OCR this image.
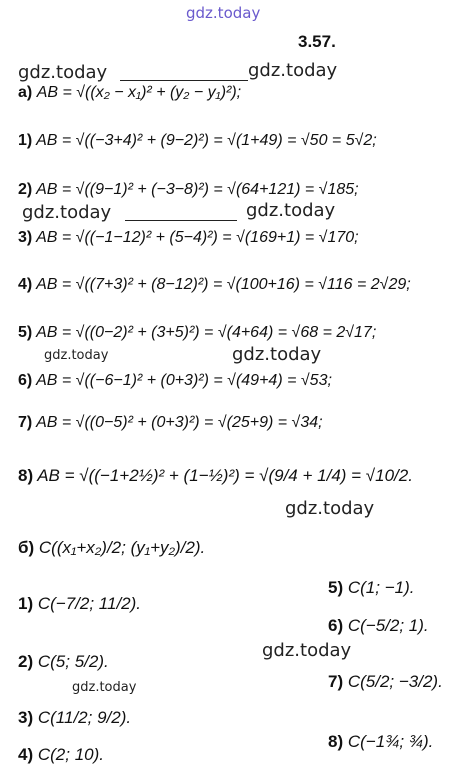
gdz.today
gdz.today	gdz.today
gdz.today	gdz.today
gdz.today	gdz.today
gdz.today
gdz.today
gdz.today
3.57.
а) AB = √((x₂ − x₁)² + (y₂ − y₁)²);
1) AB = √((−3+4)² + (9−2)²) = √(1+49) = √50 = 5√2;
2) AB = √((9−1)² + (−3−8)²) = √(64+121) = √185;
3) AB = √((−1−12)² + (5−4)²) = √(169+1) = √170;
4) AB = √((7+3)² + (8−12)²) = √(100+16) = √116 = 2√29;
5) AB = √((0−2)² + (3+5)²) = √(4+64) = √68 = 2√17;
6) AB = √((−6−1)² + (0+3)²) = √(49+4) = √53;
7) AB = √((0−5)² + (0+3)²) = √(25+9) = √34;
8) AB = √((−1+2½)² + (1−½)²) = √(9/4 + 1/4) = √10/2.
б) C((x₁+x₂)/2; (y₁+y₂)/2).
1) C(−7/2; 11/2).
2) C(5; 5/2).
3) C(11/2; 9/2).
4) C(2; 10).
5) C(1; −1).
6) C(−5/2; 1).
7) C(5/2; −3/2).
8) C(−1¾; ¾).
